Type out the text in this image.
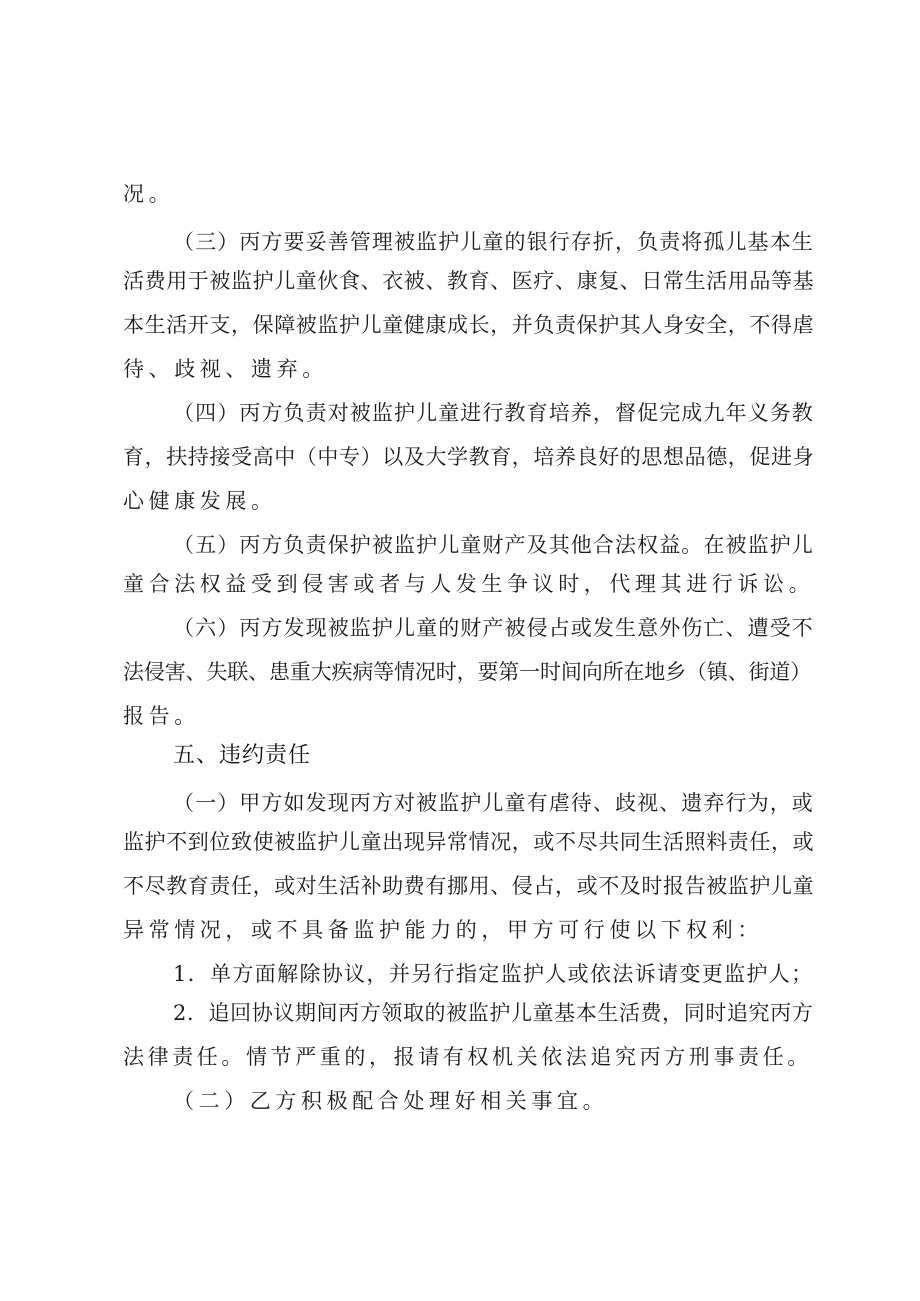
况。
（三）丙方要妥善管理被监护儿童的银行存折，负责将孤儿基本生
活费用于被监护儿童伙食、衣被、教育、医疗、康复、日常生活用品等基
本生活开支，保障被监护儿童健康成长，并负责保护其人身安全，不得虐
待、歧视、遗弃。
（四）丙方负责对被监护儿童进行教育培养，督促完成九年义务教
育，扶持接受高中（中专）以及大学教育，培养良好的思想品德，促进身
心健康发展。
（五）丙方负责保护被监护儿童财产及其他合法权益。在被监护儿
童合法权益受到侵害或者与人发生争议时，代理其进行诉讼。
（六）丙方发现被监护儿童的财产被侵占或发生意外伤亡、遭受不
法侵害、失联、患重大疾病等情况时，要第一时间向所在地乡（镇、街道）
报告。
五、违约责任
（一）甲方如发现丙方对被监护儿童有虐待、歧视、遗弃行为，或
监护不到位致使被监护儿童出现异常情况，或不尽共同生活照料责任，或
不尽教育责任，或对生活补助费有挪用、侵占，或不及时报告被监护儿童
异常情况，或不具备监护能力的，甲方可行使以下权利：
1．单方面解除协议，并另行指定监护人或依法诉请变更监护人；
2．追回协议期间丙方领取的被监护儿童基本生活费，同时追究丙方
法律责任。情节严重的，报请有权机关依法追究丙方刑事责任。
（二）乙方积极配合处理好相关事宜。
